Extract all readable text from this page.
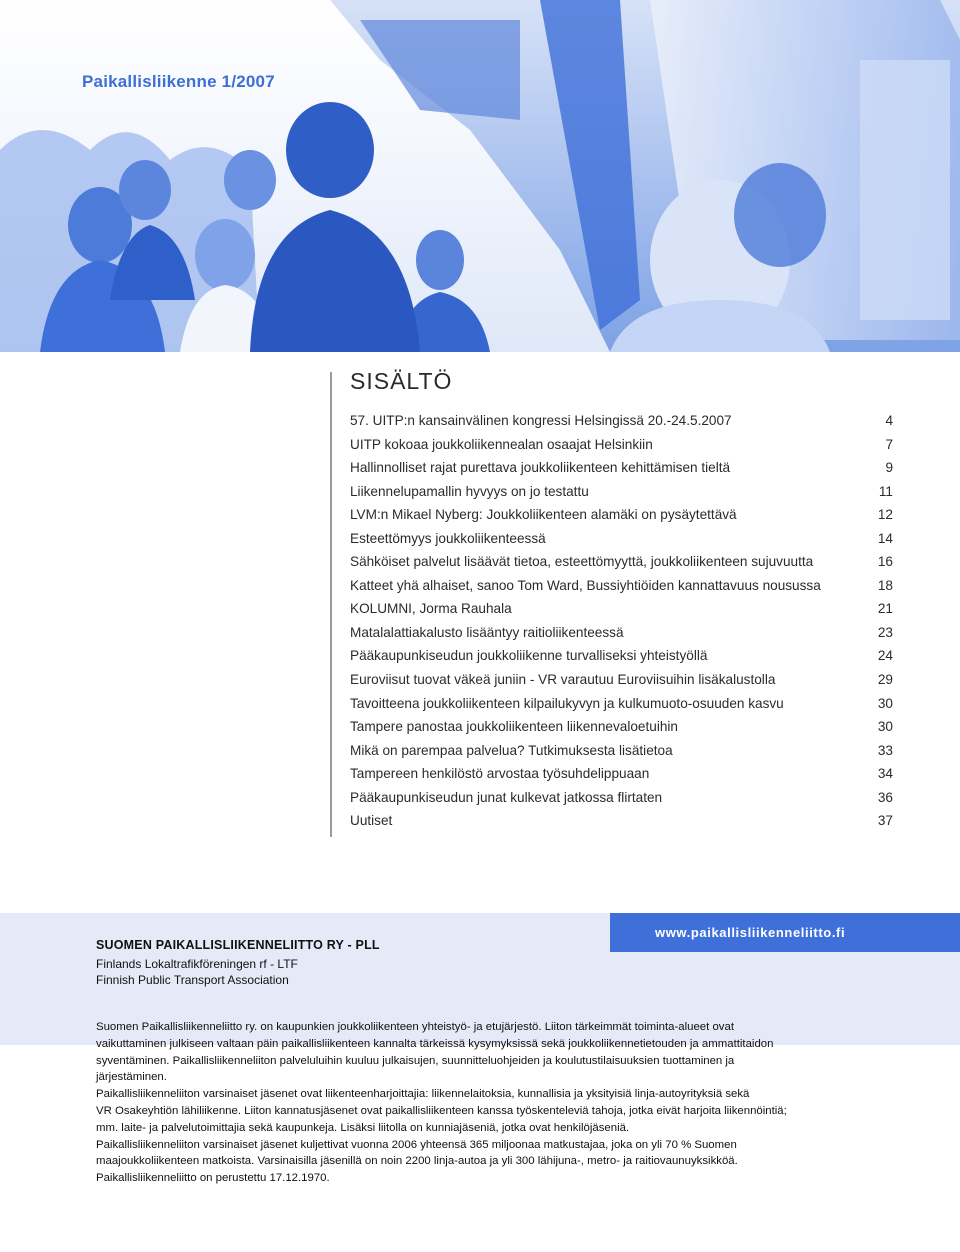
Paikallisliikenne 1/2007
SISÄLTÖ
57. UITP:n kansainvälinen kongressi Helsingissä 20.-24.5.2007	4
UITP kokoaa joukkoliikennealan osaajat Helsinkiin	7
Hallinnolliset rajat purettava joukkoliikenteen kehittämisen tieltä	9
Liikennelupamallin hyvyys on jo testattu	11
LVM:n Mikael Nyberg: Joukkoliikenteen alamäki on pysäytettävä	12
Esteettömyys joukkoliikenteessä	14
Sähköiset palvelut lisäävät tietoa, esteettömyyttä, joukkoliikenteen sujuvuutta	16
Katteet yhä alhaiset, sanoo Tom Ward, Bussiyhtiöiden kannattavuus nousussa	18
KOLUMNI, Jorma Rauhala	21
Matalalattiakalusto lisääntyy raitioliikenteessä	23
Pääkaupunkiseudun joukkoliikenne turvalliseksi yhteistyöllä	24
Euroviisut tuovat väkeä juniin - VR varautuu Euroviisuihin lisäkalustolla	29
Tavoitteena joukkoliikenteen kilpailukyvyn ja kulkumuoto-osuuden kasvu	30
Tampere panostaa joukkoliikenteen liikennevaloetuihin	30
Mikä on parempaa palvelua? Tutkimuksesta lisätietoa	33
Tampereen henkilöstö arvostaa työsuhdelippuaan	34
Pääkaupunkiseudun junat kulkevat jatkossa flirtaten	36
Uutiset	37
www.paikallisliikenneliitto.fi
SUOMEN PAIKALLISLIIKENNELIITTO RY - PLL
Finlands Lokaltrafikföreningen rf - LTF
Finnish Public Transport Association
Suomen Paikallisliikenneliitto ry. on kaupunkien joukkoliikenteen yhteistyö- ja etujärjestö. Liiton tärkeimmät toiminta-alueet ovat
vaikuttaminen julkiseen valtaan päin paikallisliikenteen kannalta tärkeissä kysymyksissä sekä joukkoliikennetietouden ja ammattitaidon
syventäminen. Paikallisliikenneliiton palveluluihin kuuluu julkaisujen, suunnitteluohjeiden ja koulutustilaisuuksien tuottaminen ja
järjestäminen.
Paikallisliikenneliiton varsinaiset jäsenet ovat liikenteenharjoittajia: liikennelaitoksia, kunnallisia ja yksityisiä linja-autoyrityksiä sekä
VR Osakeyhtiön lähiliikenne. Liiton kannatusjäsenet ovat paikallisliikenteen kanssa työskenteleviä tahoja, jotka eivät harjoita liikennöintiä;
mm. laite- ja palvelutoimittajia sekä kaupunkeja. Lisäksi liitolla on kunniajäseniä, jotka ovat henkilöjäseniä.
Paikallisliikenneliiton varsinaiset jäsenet kuljettivat vuonna 2006 yhteensä 365 miljoonaa matkustajaa, joka on yli 70 % Suomen
maajoukkoliikenteen matkoista. Varsinaisilla jäsenillä on noin 2200 linja-autoa ja yli 300 lähijuna-, metro- ja raitiovaunuyksikköä.
Paikallisliikenneliitto on perustettu 17.12.1970.
